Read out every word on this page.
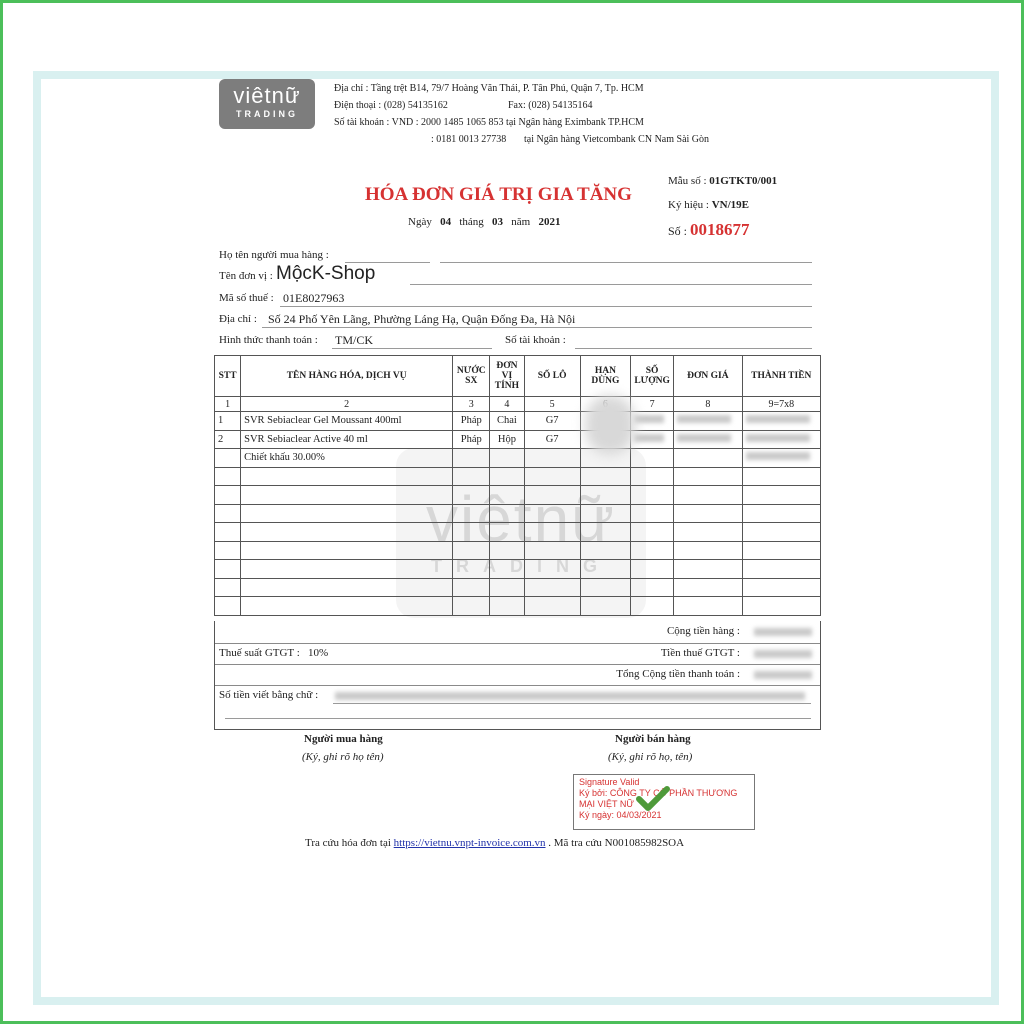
viêtnữ
TRADING
viêtnữ
TRADING
Địa chỉ : Tầng trệt B14, 79/7 Hoàng Văn Thái, P. Tân Phú, Quận 7, Tp. HCM
Điện thoại : (028) 54135162	Fax: (028) 54135164
Số tài khoản : VND : 2000 1485 1065 853 tại Ngân hàng Eximbank TP.HCM
: 0181 0013 27738 tại Ngân hàng Vietcombank CN Nam Sài Gòn
HÓA ĐƠN GIÁ TRỊ GIA TĂNG
Ngày 04 tháng 03 năm 2021
Mẫu số : 01GTKT0/001
Ký hiệu : VN/19E
Số : 0018677
Họ tên người mua hàng :
Tên đơn vị : MộcK-Shop
Mã số thuế : 01E8027963
Địa chỉ : Số 24 Phố Yên Lãng, Phường Láng Hạ, Quận Đống Đa, Hà Nội
Hình thức thanh toán : TM/CK	Số tài khoản :
STT	TÊN HÀNG HÓA, DỊCH VỤ	NƯỚC SX	ĐƠN VỊ TÍNH	SỐ LÔ	HẠN DÙNG	SỐ LƯỢNG	ĐƠN GIÁ	THÀNH TIỀN
1	2	3	4	5		7	8	9=7x8
1	SVR Sebiaclear Gel Moussant 400ml	Pháp	Chai	G7				
2	SVR Sebiaclear Active 40 ml	Pháp	Hộp	G7				
	Chiết khấu 30.00%							

Cộng tiền hàng :
Thuế suất GTGT : 10%	Tiền thuế GTGT :
Tổng Cộng tiền thanh toán :
Số tiền viết bằng chữ :
Người mua hàng
(Ký, ghi rõ họ tên)
Người bán hàng
(Ký, ghi rõ họ, tên)
Signature Valid
Ký bởi: CÔNG TY CỔ PHẦN THƯƠNG
MẠI VIỆT NỮ
Ký ngày: 04/03/2021
Tra cứu hóa đơn tại https://vietnu.vnpt-invoice.com.vn . Mã tra cứu N001085982SOA
